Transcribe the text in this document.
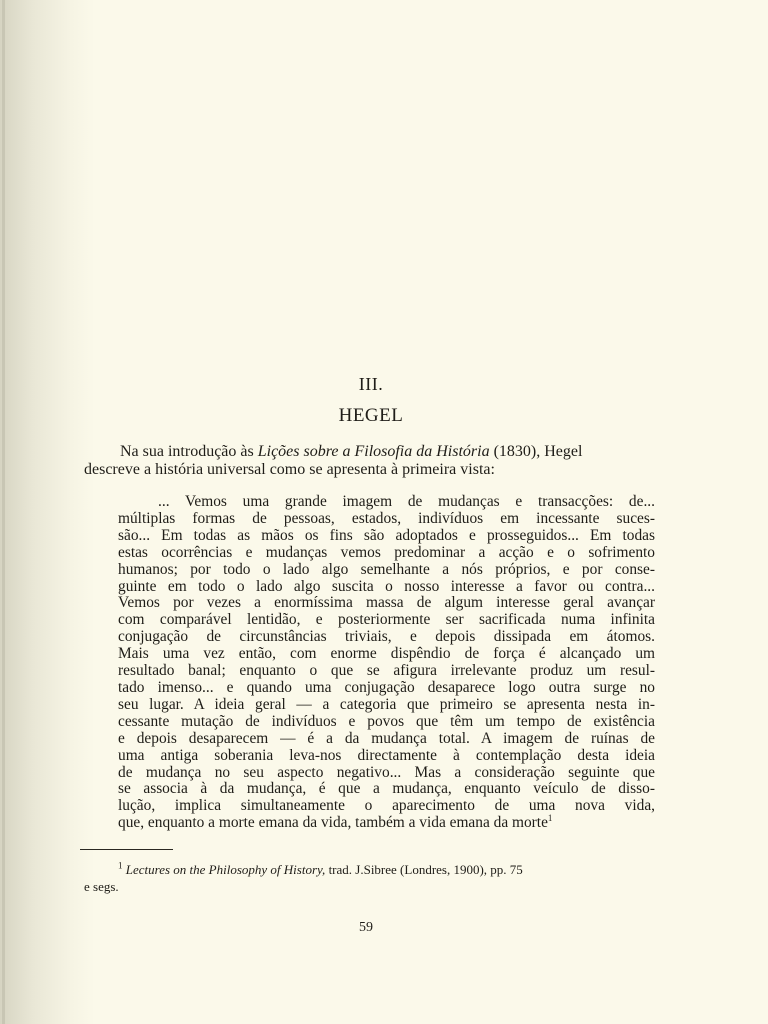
III.
HEGEL
Na sua introdução às Lições sobre a Filosofia da História (1830), Hegel
descreve a história universal como se apresenta à primeira vista:
... Vemos uma grande imagem de mudanças e transacções: de...
múltiplas formas de pessoas, estados, indivíduos em incessante suces-
são... Em todas as mãos os fins são adoptados e prosseguidos... Em todas
estas ocorrências e mudanças vemos predominar a acção e o sofrimento
humanos; por todo o lado algo semelhante a nós próprios, e por conse-
guinte em todo o lado algo suscita o nosso interesse a favor ou contra...
Vemos por vezes a enormíssima massa de algum interesse geral avançar
com comparável lentidão, e posteriormente ser sacrificada numa infinita
conjugação de circunstâncias triviais, e depois dissipada em átomos.
Mais uma vez então, com enorme dispêndio de força é alcançado um
resultado banal; enquanto o que se afigura irrelevante produz um resul-
tado imenso... e quando uma conjugação desaparece logo outra surge no
seu lugar. A ideia geral — a categoria que primeiro se apresenta nesta in-
cessante mutação de indivíduos e povos que têm um tempo de existência
e depois desaparecem — é a da mudança total. A imagem de ruínas de
uma antiga soberania leva-nos directamente à contemplação desta ideia
de mudança no seu aspecto negativo... Mas a consideração seguinte que
se associa à da mudança, é que a mudança, enquanto veículo de disso-
lução, implica simultaneamente o aparecimento de uma nova vida,
que, enquanto a morte emana da vida, também a vida emana da morte$^1$
$^1$ Lectures on the Philosophy of History, trad. J.Sibree (Londres, 1900), pp. 75
e segs.
59
